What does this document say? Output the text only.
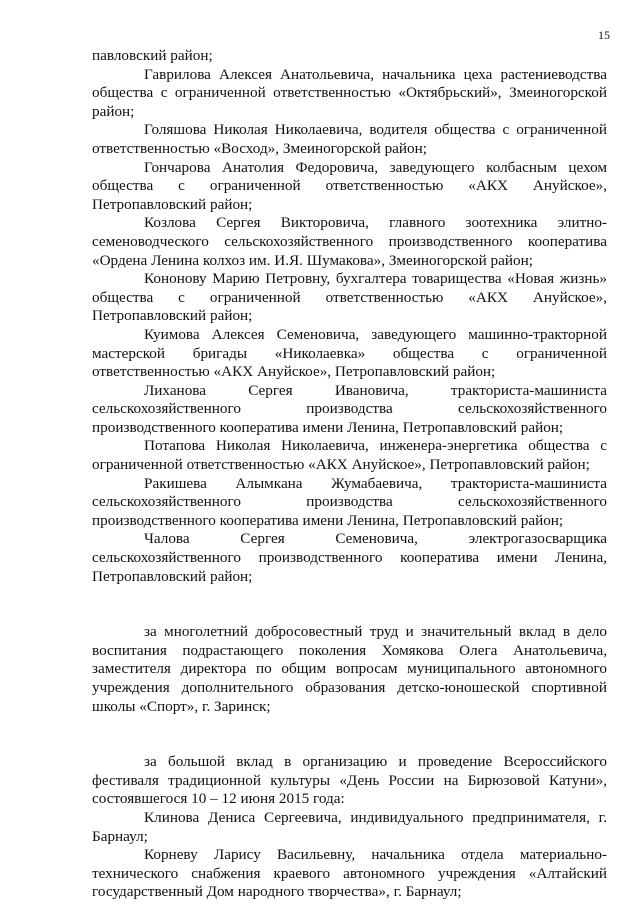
15

павловский район;

Гаврилова Алексея Анатольевича, начальника цеха растениеводства общества с ограниченной ответственностью «Октябрьский», Змеиногорской район;

Голяшова Николая Николаевича, водителя общества с ограниченной ответственностью «Восход», Змеиногорской район;

Гончарова Анатолия Федоровича, заведующего колбасным цехом общества с ограниченной ответственностью «АКХ Ануйское», Петропавловский район;

Козлова Сергея Викторовича, главного зоотехника элитно-семеноводческого сельскохозяйственного производственного кооператива «Ордена Ленина колхоз им. И.Я. Шумакова», Змеиногорской район;

Кононову Марию Петровну, бухгалтера товарищества «Новая жизнь» общества с ограниченной ответственностью «АКХ Ануйское», Петропавловский район;

Куимова Алексея Семеновича, заведующего машинно-тракторной мастерской бригады «Николаевка» общества с ограниченной ответственностью «АКХ Ануйское», Петропавловский район;

Лиханова Сергея Ивановича, тракториста-машиниста сельскохозяйственного производства сельскохозяйственного производственного кооператива имени Ленина, Петропавловский район;

Потапова Николая Николаевича, инженера-энергетика общества с ограниченной ответственностью «АКХ Ануйское», Петропавловский район;

Ракишева Алымкана Жумабаевича, тракториста-машиниста сельскохозяйственного производства сельскохозяйственного производственного кооператива имени Ленина, Петропавловский район;

Чалова Сергея Семеновича, электрогазосварщика сельскохозяйственного производственного кооператива имени Ленина, Петропавловский район;

за многолетний добросовестный труд и значительный вклад в дело воспитания подрастающего поколения Хомякова Олега Анатольевича, заместителя директора по общим вопросам муниципального автономного учреждения дополнительного образования детско-юношеской спортивной школы «Спорт», г. Заринск;

за большой вклад в организацию и проведение Всероссийского фестиваля традиционной культуры «День России на Бирюзовой Катуни», состоявшегося 10 – 12 июня 2015 года:

Клинова Дениса Сергеевича, индивидуального предпринимателя, г. Барнаул;

Корневу Ларису Васильевну, начальника отдела материально-технического снабжения краевого автономного учреждения «Алтайский государственный Дом народного творчества», г. Барнаул;
